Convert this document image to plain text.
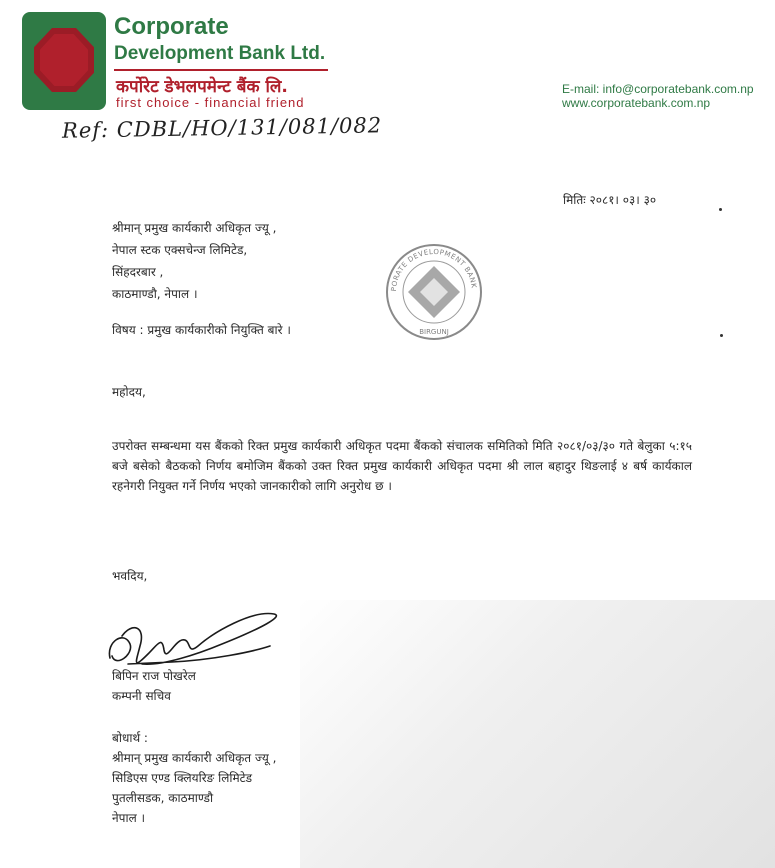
Corporate
Development Bank Ltd.
कर्पोरेट डेभलपमेन्ट बैंक लि.
first choice - financial friend
E-mail: info@corporatebank.com.np
www.corporatebank.com.np
Ref: CDBL/HO/131/081/082
मितिः २०८१। ०३। ३०
श्रीमान् प्रमुख कार्यकारी अधिकृत ज्यू ,
नेपाल स्टक एक्सचेन्ज लिमिटेड,
सिंहदरबार ,
काठमाण्डौ, नेपाल ।	PORATE DEVELOPMENT BANK
BIRGUNJ
विषय : प्रमुख कार्यकारीको नियुक्ति बारे ।
महोदय,
उपरोक्त सम्बन्धमा यस बैंकको रिक्त प्रमुख कार्यकारी अधिकृत पदमा बैंकको संचालक समितिको मिति २०८१/०३/३० गते बेलुका ५:१५ बजे बसेको बैठकको निर्णय बमोजिम बैंकको उक्त रिक्त प्रमुख कार्यकारी अधिकृत पदमा श्री लाल बहादुर थिङलाई ४ बर्ष कार्यकाल रहनेगरी नियुक्त गर्ने निर्णय भएको जानकारीको लागि अनुरोध छ ।
भवदिय,
बिपिन राज पोखरेल
कम्पनी सचिव
बोधार्थ :
श्रीमान् प्रमुख कार्यकारी अधिकृत ज्यू ,
सिडिएस एण्ड क्लियरिङ लिमिटेड
पुतलीसडक, काठमाण्डौ
नेपाल ।
